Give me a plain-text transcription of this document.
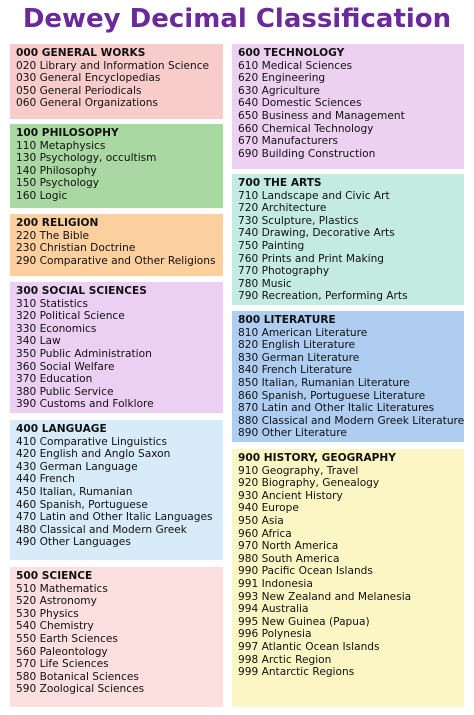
Dewey Decimal Classification
000 GENERAL WORKS
020 Library and Information Science
030 General Encyclopedias
050 General Periodicals
060 General Organizations
100 PHILOSOPHY
110 Metaphysics
130 Psychology, occultism
140 Philosophy
150 Psychology
160 Logic
200 RELIGION
220 The Bible
230 Christian Doctrine
290 Comparative and Other Religions
300 SOCIAL SCIENCES
310 Statistics
320 Political Science
330 Economics
340 Law
350 Public Administration
360 Social Welfare
370 Education
380 Public Service
390 Customs and Folklore
400 LANGUAGE
410 Comparative Linguistics
420 English and Anglo Saxon
430 German Language
440 French
450 Italian, Rumanian
460 Spanish, Portuguese
470 Latin and Other Italic Languages
480 Classical and Modern Greek
490 Other Languages
500 SCIENCE
510 Mathematics
520 Astronomy
530 Physics
540 Chemistry
550 Earth Sciences
560 Paleontology
570 Life Sciences
580 Botanical Sciences
590 Zoological Sciences
600 TECHNOLOGY
610 Medical Sciences
620 Engineering
630 Agriculture
640 Domestic Sciences
650 Business and Management
660 Chemical Technology
670 Manufacturers
690 Building Construction
700 THE ARTS
710 Landscape and Civic Art
720 Architecture
730 Sculpture, Plastics
740 Drawing, Decorative Arts
750 Painting
760 Prints and Print Making
770 Photography
780 Music
790 Recreation, Performing Arts
800 LITERATURE
810 American Literature
820 English Literature
830 German Literature
840 French Literature
850 Italian, Rumanian Literature
860 Spanish, Portuguese Literature
870 Latin and Other Italic Literatures
880 Classical and Modern Greek Literature
890 Other Literature
900 HISTORY, GEOGRAPHY
910 Geography, Travel
920 Biography, Genealogy
930 Ancient History
940 Europe
950 Asia
960 Africa
970 North America
980 South America
990 Pacific Ocean Islands
991 Indonesia
993 New Zealand and Melanesia
994 Australia
995 New Guinea (Papua)
996 Polynesia
997 Atlantic Ocean Islands
998 Arctic Region
999 Antarctic Regions
